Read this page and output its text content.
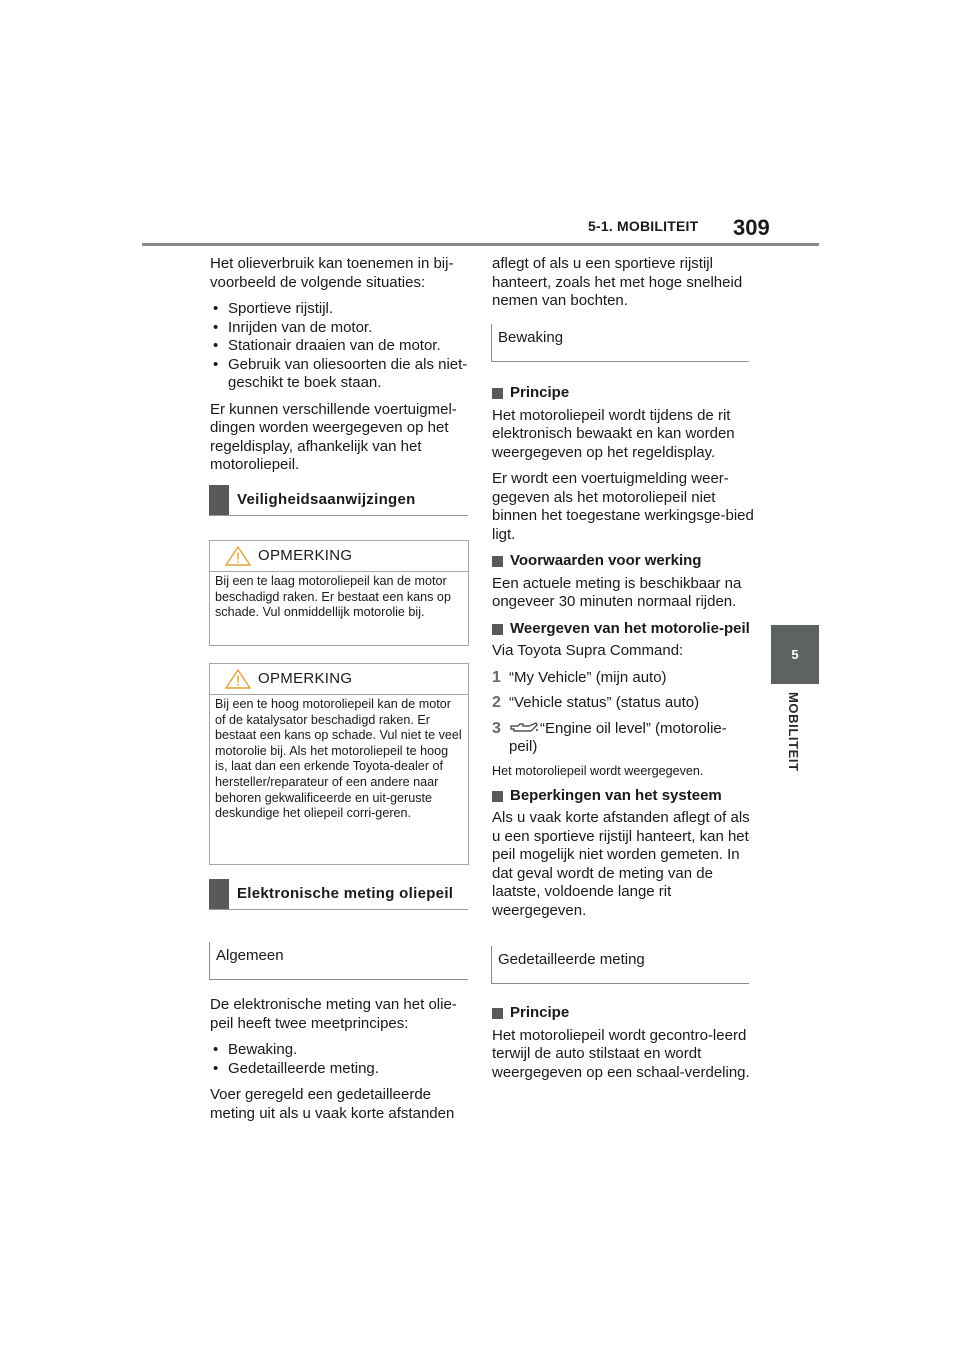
5-1. MOBILITEIT 309
5
MOBILITEIT

Het olieverbruik kan toenemen in bij-voorbeeld de volgende situaties:

• Sportieve rijstijl.
• Inrijden van de motor.
• Stationair draaien van de motor.
• Gebruik van oliesoorten die als niet-geschikt te boek staan.

Er kunnen verschillende voertuigmel-dingen worden weergegeven op het regeldisplay, afhankelijk van het motoroliepeil.

Veiligheidsaanwijzingen
OPMERKING
Bij een te laag motoroliepeil kan de motor beschadigd raken. Er bestaat een kans op schade. Vul onmiddellijk motorolie bij.
OPMERKING
Bij een te hoog motoroliepeil kan de motor of de katalysator beschadigd raken. Er bestaat een kans op schade. Vul niet te veel motorolie bij. Als het motoroliepeil te hoog is, laat dan een erkende Toyota-dealer of hersteller/reparateur of een andere naar behoren gekwalificeerde en uit-geruste deskundige het oliepeil corri-geren.
Elektronische meting oliepeil
Algemeen

De elektronische meting van het olie-peil heeft twee meetprincipes:

• Bewaking.
• Gedetailleerde meting.

Voer geregeld een gedetailleerde meting uit als u vaak korte afstanden

aflegt of als u een sportieve rijstijl hanteert, zoals het met hoge snelheid nemen van bochten.

Bewaking
Principe

Het motoroliepeil wordt tijdens de rit elektronisch bewaakt en kan worden weergegeven op het regeldisplay.

Er wordt een voertuigmelding weer-gegeven als het motoroliepeil niet binnen het toegestane werkingsge-bied ligt.

Voorwaarden voor werking

Een actuele meting is beschikbaar na ongeveer 30 minuten normaal rijden.

Weergeven van het motorolie-peil

Via Toyota Supra Command:

1 “My Vehicle” (mijn auto)
2 “Vehicle status” (status auto)
3	“Engine oil level” (motorolie-peil)

Het motoroliepeil wordt weergegeven.

Beperkingen van het systeem

Als u vaak korte afstanden aflegt of als u een sportieve rijstijl hanteert, kan het peil mogelijk niet worden gemeten. In dat geval wordt de meting van de laatste, voldoende lange rit weergegeven.

Gedetailleerde meting
Principe

Het motoroliepeil wordt gecontro-leerd terwijl de auto stilstaat en wordt weergegeven op een schaal-verdeling.
